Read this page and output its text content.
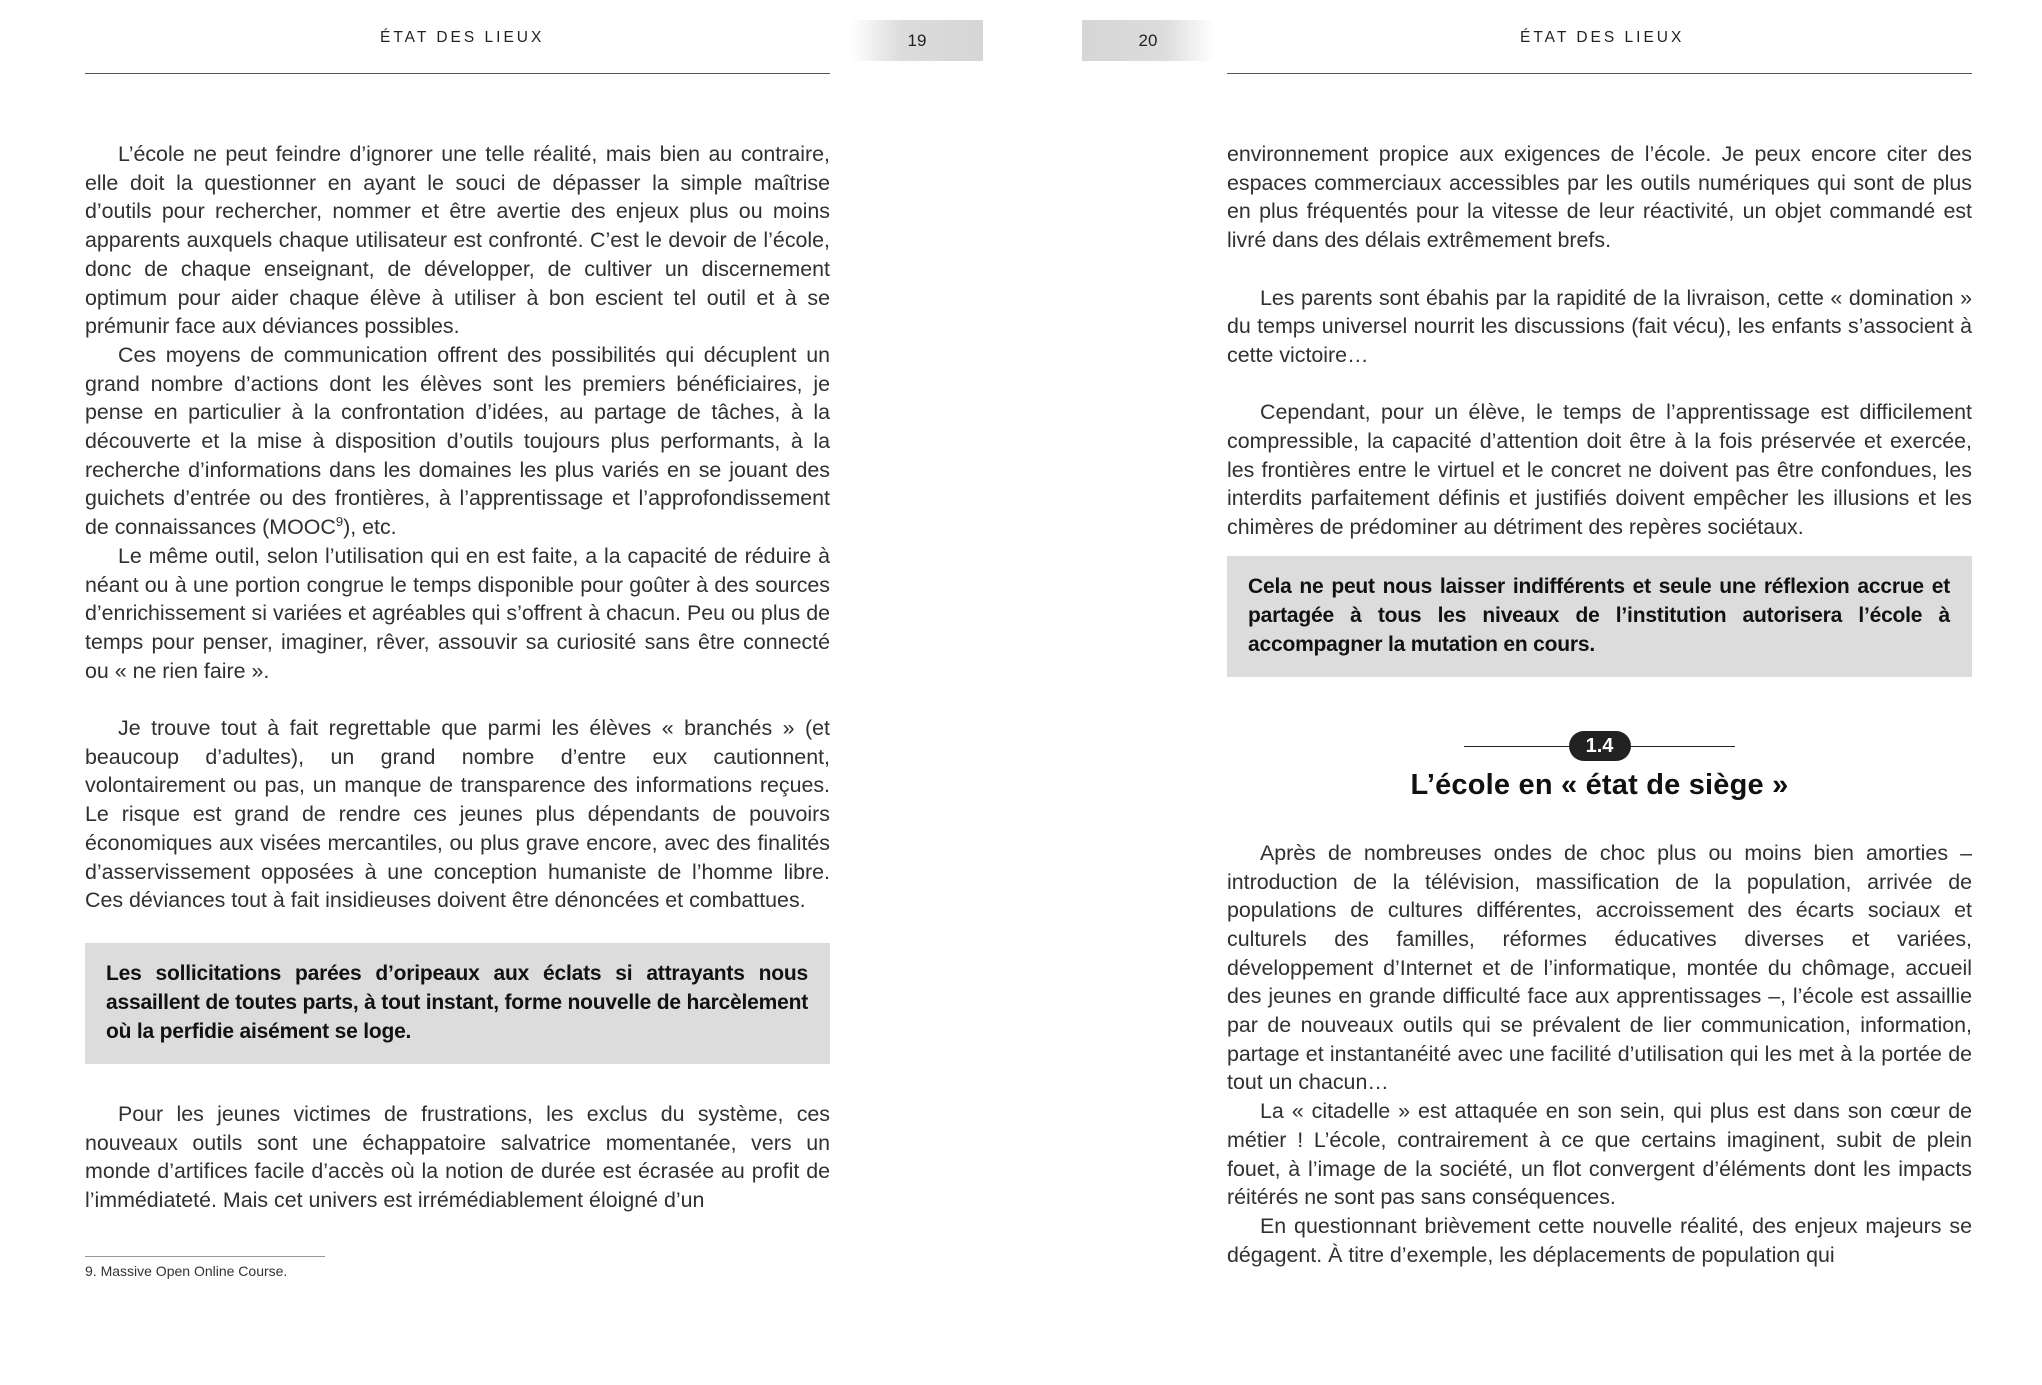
ÉTAT DES LIEUX	19

L’école ne peut feindre d’ignorer une telle réalité, mais bien au contraire, elle doit la questionner en ayant le souci de dépasser la simple maîtrise d’outils pour rechercher, nommer et être avertie des enjeux plus ou moins apparents auxquels chaque utilisateur est confronté. C’est le devoir de l’école, donc de chaque enseignant, de développer, de cultiver un discernement optimum pour aider chaque élève à utiliser à bon escient tel outil et à se prémunir face aux déviances possibles.

Ces moyens de communication offrent des possibilités qui décuplent un grand nombre d’actions dont les élèves sont les premiers bénéficiaires, je pense en particulier à la confrontation d’idées, au partage de tâches, à la découverte et la mise à disposition d’outils toujours plus performants, à la recherche d’informations dans les domaines les plus variés en se jouant des guichets d’entrée ou des frontières, à l’apprentissage et l’approfondissement de connaissances (MOOC$^9$), etc.

Le même outil, selon l’utilisation qui en est faite, a la capacité de réduire à néant ou à une portion congrue le temps disponible pour goûter à des sources d’enrichissement si variées et agréables qui s’offrent à chacun. Peu ou plus de temps pour penser, imaginer, rêver, assouvir sa curiosité sans être connecté ou « ne rien faire ».

Je trouve tout à fait regrettable que parmi les élèves « branchés » (et beaucoup d’adultes), un grand nombre d’entre eux cautionnent, volontairement ou pas, un manque de transparence des informations reçues. Le risque est grand de rendre ces jeunes plus dépendants de pouvoirs économiques aux visées mercantiles, ou plus grave encore, avec des finalités d’asservissement opposées à une conception humaniste de l’homme libre. Ces déviances tout à fait insidieuses doivent être dénoncées et combattues.

Les sollicitations parées d’oripeaux aux éclats si attrayants nous assaillent de toutes parts, à tout instant, forme nouvelle de harcèlement où la perfidie aisément se loge.

Pour les jeunes victimes de frustrations, les exclus du système, ces nouveaux outils sont une échappatoire salvatrice momentanée, vers un monde d’artifices facile d’accès où la notion de durée est écrasée au profit de l’immédiateté. Mais cet univers est irrémédiablement éloigné d’un

9. Massive Open Online Course.
ÉTAT DES LIEUX
20

environnement propice aux exigences de l’école. Je peux encore citer des espaces commerciaux accessibles par les outils numériques qui sont de plus en plus fréquentés pour la vitesse de leur réactivité, un objet commandé est livré dans des délais extrêmement brefs.

Les parents sont ébahis par la rapidité de la livraison, cette « domination » du temps universel nourrit les discussions (fait vécu), les enfants s’associent à cette victoire…

Cependant, pour un élève, le temps de l’apprentissage est difficilement compressible, la capacité d’attention doit être à la fois préservée et exercée, les frontières entre le virtuel et le concret ne doivent pas être confondues, les interdits parfaitement définis et justifiés doivent empêcher les illusions et les chimères de prédominer au détriment des repères sociétaux.

Cela ne peut nous laisser indifférents et seule une réflexion accrue et partagée à tous les niveaux de l’institution autorisera l’école à accompagner la mutation en cours.
1.4
L’école en « état de siège »

Après de nombreuses ondes de choc plus ou moins bien amorties – introduction de la télévision, massification de la population, arrivée de populations de cultures différentes, accroissement des écarts sociaux et culturels des familles, réformes éducatives diverses et variées, développement d’Internet et de l’informatique, montée du chômage, accueil des jeunes en grande difficulté face aux apprentissages –, l’école est assaillie par de nouveaux outils qui se prévalent de lier communication, information, partage et instantanéité avec une facilité d’utilisation qui les met à la portée de tout un chacun…

La « citadelle » est attaquée en son sein, qui plus est dans son cœur de métier ! L’école, contrairement à ce que certains imaginent, subit de plein fouet, à l’image de la société, un flot convergent d’éléments dont les impacts réitérés ne sont pas sans conséquences.

En questionnant brièvement cette nouvelle réalité, des enjeux majeurs se dégagent. À titre d’exemple, les déplacements de population qui
